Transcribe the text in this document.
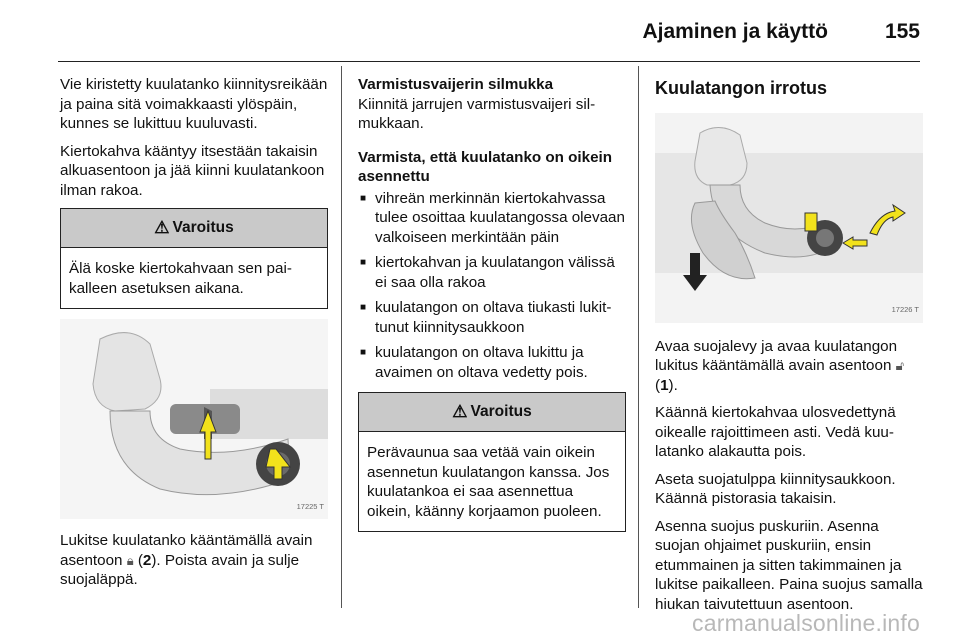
Ajaminen ja käyttö	155

Vie kiristetty kuulatanko kiinnitysreikään ja paina sitä voimakkaasti ylöspäin, kunnes se lukittuu kuuluvasti.

Kiertokahva kääntyy itsestään takaisin alkuasentoon ja jää kiinni kuulatankoon ilman rakoa.

⚠ Varoitus
Älä koske kiertokahvaan sen paikalleen asetuksen aikana.
17225 T

Lukitse kuulatanko kääntämällä avain asentoon 🔒︎ (2). Poista avain ja sulje suojaläppä.

Varmistusvaijerin silmukka

Kiinnitä jarrujen varmistusvaijeri silmukkaan.

Varmista, että kuulatanko on oikein asennettu

■ vihreän merkinnän kiertokahvassa tulee osoittaa kuulatangossa olevaan valkoiseen merkintään päin
■ kiertokahvan ja kuulatangon välissä ei saa olla rakoa
■ kuulatangon on oltava tiukasti lukittunut kiinnitysaukkoon
■ kuulatangon on oltava lukittu ja avaimen on oltava vedetty pois.
⚠ Varoitus
Perävaunua saa vetää vain oikein asennetun kuulatangon kanssa. Jos kuulatankoa ei saa asennettua oikein, käänny korjaamon puoleen.
Kuulatangon irrotus
17226 T

Avaa suojalevy ja avaa kuulatangon lukitus kääntämällä avain asentoon 🔓︎ (1).

Käännä kiertokahvaa ulosvedettynä oikealle rajoittimeen asti. Vedä kuulatanko alakautta pois.

Aseta suojatulppa kiinnitysaukkoon. Käännä pistorasia takaisin.

Asenna suojus puskuriin. Asenna suojan ohjaimet puskuriin, ensin etummainen ja sitten takimmainen ja lukitse paikalleen. Paina suojus samalla hiukan taivutettuun asentoon.

carmanualsonline.info
